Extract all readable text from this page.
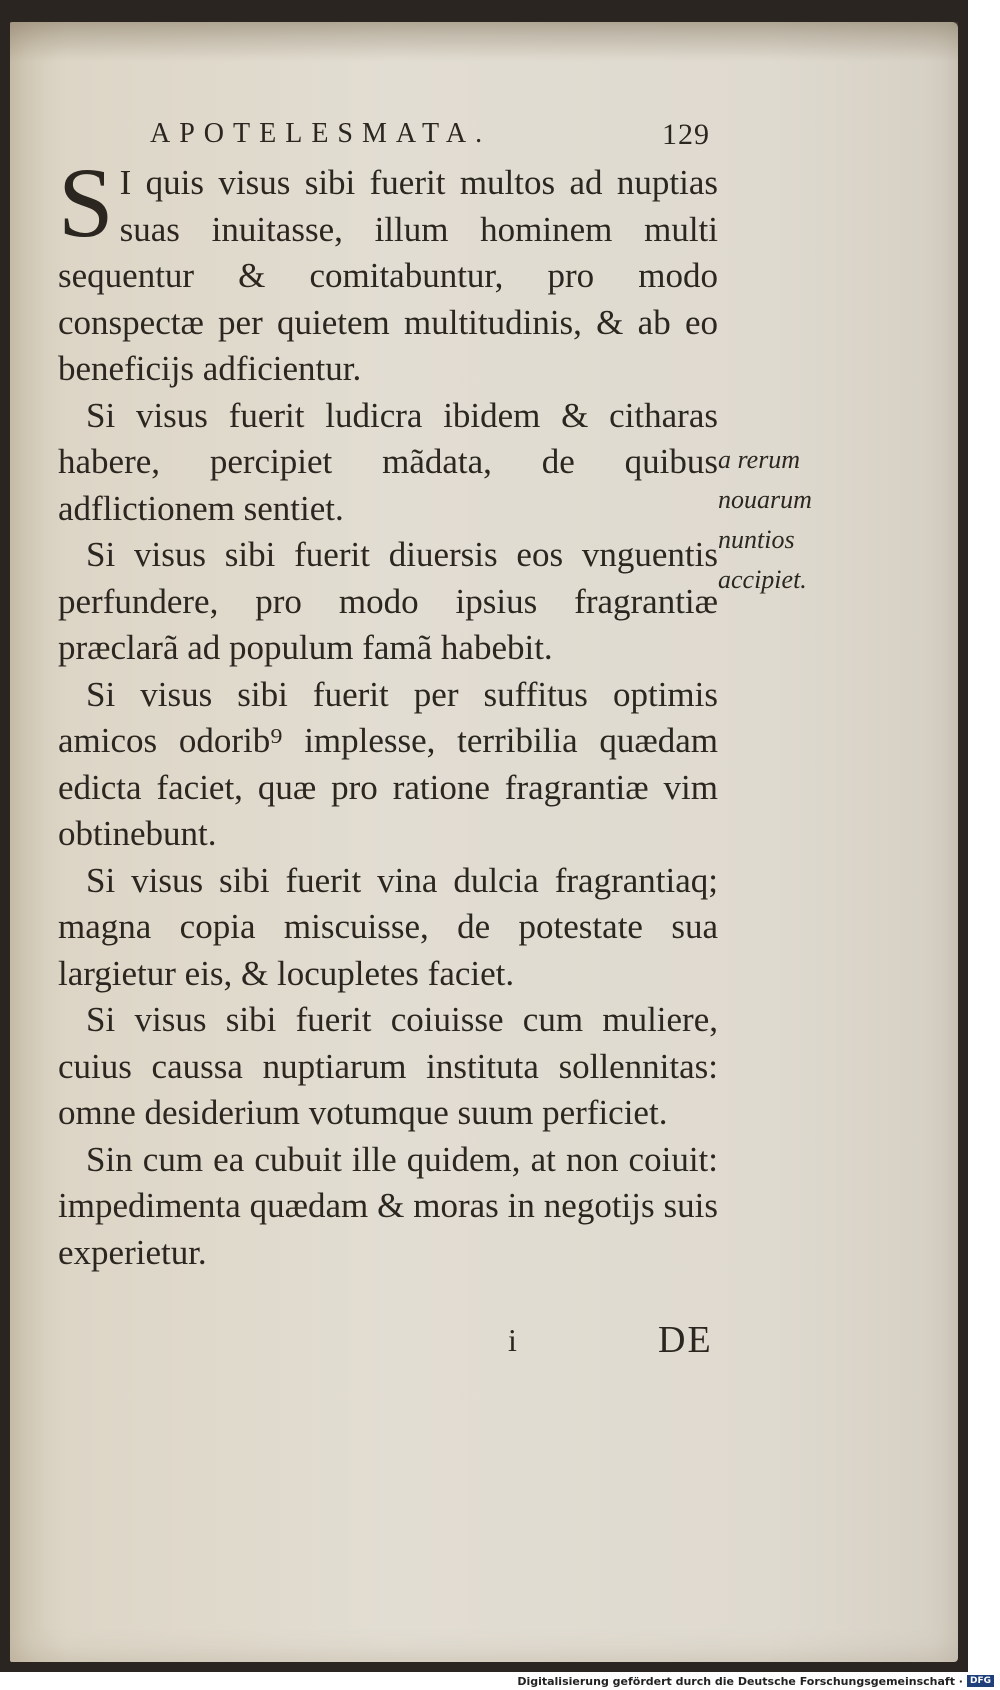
APOTELESMATA.	129

S I quis visus sibi fuerit multos ad nuptias suas inuitasse, illum hominem multi sequentur & comitabuntur, pro modo conspectæ per quietem multitudinis, & ab eo beneficijs adficientur.

Si visus fuerit ludicra ibidem & citharas habere, percipiet mãdata, de quibus adflictionem sentiet.

Si visus sibi fuerit diuersis eos vnguentis perfundere, pro modo ipsius fragrantiæ præclarã ad populum famã habebit.

Si visus sibi fuerit per suffitus optimis amicos odorib⁹ implesse, terribilia quædam edicta faciet, quæ pro ratione fragrantiæ vim obtinebunt.

Si visus sibi fuerit vina dulcia fragrantiaq; magna copia miscuisse, de potestate sua largietur eis, & locupletes faciet.

Si visus sibi fuerit coiuisse cum muliere, cuius caussa nuptiarum instituta sollennitas: omne desiderium votumque suum perficiet.

Sin cum ea cubuit ille quidem, at non coiuit: impedimenta quædam & moras in negotijs suis experietur.

a rerum nouarum nuntios accipiet.
i	DE
Digitalisierung gefördert durch die Deutsche Forschungsgemeinschaft · DFG
